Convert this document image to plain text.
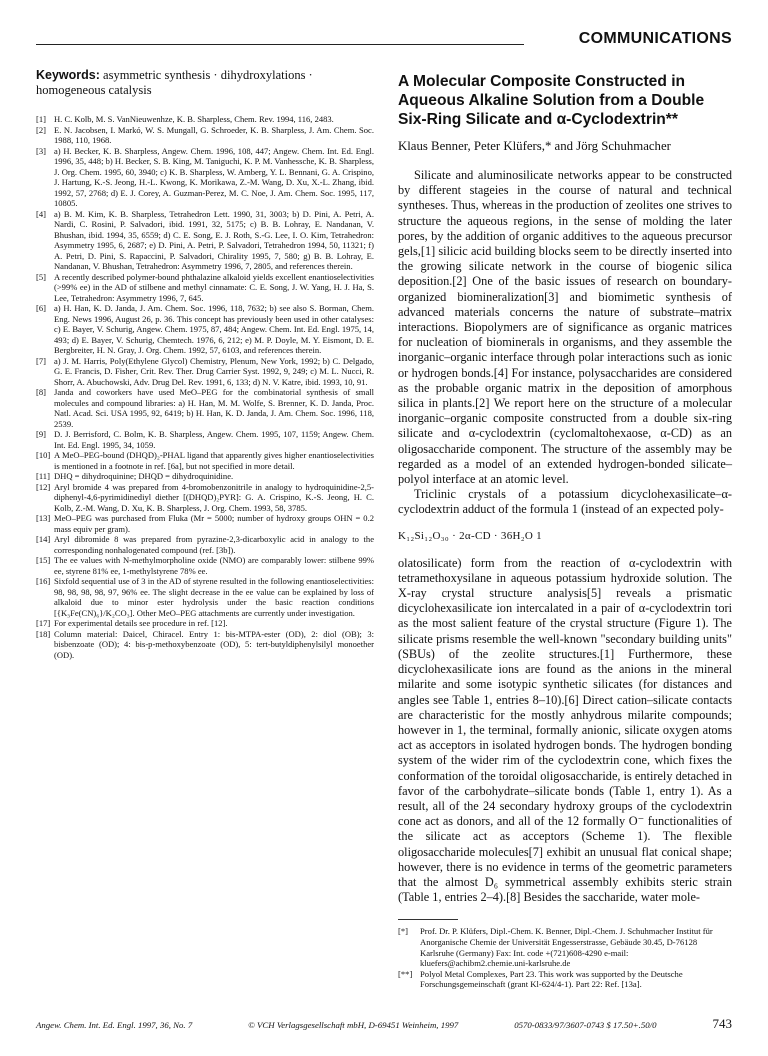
COMMUNICATIONS

Keywords: asymmetric synthesis · dihydroxylations · homogeneous catalysis

[1] H. C. Kolb, M. S. VanNieuwenhze, K. B. Sharpless, Chem. Rev. 1994, 116, 2483.
[2] E. N. Jacobsen, I. Markó, W. S. Mungall, G. Schroeder, K. B. Sharpless, J. Am. Chem. Soc. 1988, 110, 1968.
[3] a) H. Becker, K. B. Sharpless, Angew. Chem. 1996, 108, 447; Angew. Chem. Int. Ed. Engl. 1996, 35, 448; b) H. Becker, S. B. King, M. Taniguchi, K. P. M. Vanhessche, K. B. Sharpless, J. Org. Chem. 1995, 60, 3940; c) K. B. Sharpless, W. Amberg, Y. L. Bennani, G. A. Crispino, J. Hartung, K.-S. Jeong, H.-L. Kwong, K. Morikawa, Z.-M. Wang, D. Xu, X.-L. Zhang, ibid. 1992, 57, 2768; d) E. J. Corey, A. Guzman-Perez, M. C. Noe, J. Am. Chem. Soc. 1995, 117, 10805.
[4] a) B. M. Kim, K. B. Sharpless, Tetrahedron Lett. 1990, 31, 3003; b) D. Pini, A. Petri, A. Nardi, C. Rosini, P. Salvadori, ibid. 1991, 32, 5175; c) B. B. Lohray, E. Nandanan, V. Bhushan, ibid. 1994, 35, 6559; d) C. E. Song, E. J. Roth, S.-G. Lee, I. O. Kim, Tetrahedron: Asymmetry 1995, 6, 2687; e) D. Pini, A. Petri, P. Salvadori, Tetrahedron 1994, 50, 11321; f) A. Petri, D. Pini, S. Rapaccini, P. Salvadori, Chirality 1995, 7, 580; g) B. B. Lohray, E. Nandanan, V. Bhushan, Tetrahedron: Asymmetry 1996, 7, 2805, and references therein.
[5] A recently described polymer-bound phthalazine alkaloid yields excellent enantioselectivities (>99% ee) in the AD of stilbene and methyl cinnamate: C. E. Song, J. W. Yang, H. J. Ha, S. Lee, Tetrahedron: Asymmetry 1996, 7, 645.
[6] a) H. Han, K. D. Janda, J. Am. Chem. Soc. 1996, 118, 7632; b) see also S. Borman, Chem. Eng. News 1996, August 26, p. 36. This concept has previously been used in other catalyses: c) E. Bayer, V. Schurig, Angew. Chem. 1975, 87, 484; Angew. Chem. Int. Ed. Engl. 1975, 14, 493; d) E. Bayer, V. Schurig, Chemtech. 1976, 6, 212; e) M. P. Doyle, M. Y. Eismont, D. E. Bergbreiter, H. N. Gray, J. Org. Chem. 1992, 57, 6103, and references therein.
[7] a) J. M. Harris, Poly(Ethylene Glycol) Chemistry, Plenum, New York, 1992; b) C. Delgado, G. E. Francis, D. Fisher, Crit. Rev. Ther. Drug Carrier Syst. 1992, 9, 249; c) M. L. Nucci, R. Shorr, A. Abuchowski, Adv. Drug Del. Rev. 1991, 6, 133; d) N. V. Katre, ibid. 1993, 10, 91.
[8] Janda and coworkers have used MeO–PEG for the combinatorial synthesis of small molecules and compound libraries: a) H. Han, M. M. Wolfe, S. Brenner, K. D. Janda, Proc. Natl. Acad. Sci. USA 1995, 92, 6419; b) H. Han, K. D. Janda, J. Am. Chem. Soc. 1996, 118, 2539.
[9] D. J. Berrisford, C. Bolm, K. B. Sharpless, Angew. Chem. 1995, 107, 1159; Angew. Chem. Int. Ed. Engl. 1995, 34, 1059.
[10] A MeO–PEG-bound (DHQD)₂-PHAL ligand that apparently gives higher enantioselectivities is mentioned in a footnote in ref. [6a], but not specified in more detail.
[11] DHQ = dihydroquinine; DHQD = dihydroquinidine.
[12] Aryl bromide 4 was prepared from 4-bromobenzonitrile in analogy to hydroquinidine-2,5-diphenyl-4,6-pyrimidinediyl diether [(DHQD)₂PYR]: G. A. Crispino, K.-S. Jeong, H. C. Kolb, Z.-M. Wang, D. Xu, K. B. Sharpless, J. Org. Chem. 1993, 58, 3785.
[13] MeO–PEG was purchased from Fluka (Mr = 5000; number of hydroxy groups OHN = 0.2 mass equiv per gram).
[14] Aryl dibromide 8 was prepared from pyrazine-2,3-dicarboxylic acid in analogy to the corresponding nonhalogenated compound (ref. [3b]).
[15] The ee values with N-methylmorpholine oxide (NMO) are comparably lower: stilbene 99% ee, styrene 81% ee, 1-methylstyrene 78% ee.
[16] Sixfold sequential use of 3 in the AD of styrene resulted in the following enantioselectivities: 98, 98, 98, 98, 97, 96% ee. The slight decrease in the ee value can be explained by loss of alkaloid due to minor ester hydrolysis under the basic reaction conditions [{K₃Fe(CN)₆}/K₂CO₃]. Other MeO–PEG attachments are currently under investigation.
[17] For experimental details see procedure in ref. [12].
[18] Column material: Daicel, Chiracel. Entry 1: bis-MTPA-ester (OD), 2: diol (OB); 3: bisbenzoate (OD); 4: bis-p-methoxybenzoate (OD), 5: tert-butyldiphenylsilyl monoether (OD).
A Molecular Composite Constructed in Aqueous Alkaline Solution from a Double Six-Ring Silicate and α-Cyclodextrin**
Klaus Benner, Peter Klüfers,* and Jörg Schuhmacher

Silicate and aluminosilicate networks appear to be constructed by different stageies in the course of natural and technical syntheses. Thus, whereas in the production of zeolites one strives to structure the aqueous regions, in the sense of molding the later pores, by the addition of organic additives to the aqueous precursor gels,[1] silicic acid building blocks seem to be directly inserted into the growing silicate network in the course of biogenic silica deposition.[2] One of the basic issues of research on boundary-organized biomineralization[3] and biomimetic synthesis of advanced materials concerns the nature of substrate–matrix interactions. Biopolymers are of significance as organic matrices for nucleation of biominerals in organisms, and they assemble the inorganic–organic interface through polar interactions such as ionic or hydrogen bonds.[4] For instance, polysaccharides are considered as the probable organic matrix in the deposition of amorphous silica in plants.[2] We report here on the structure of a molecular inorganic–organic composite constructed from a double six-ring silicate and α-cyclodextrin (cyclomaltohexaose, α-CD) as an oligosaccharide component. The structure of the assembly may be regarded as a model of an extended hydrogen-bonded silicate–polyol interface at an atomic level.

Triclinic crystals of a potassium dicyclohexasilicate–α-cyclodextrin adduct of the formula 1 (instead of an expected poly-

K₁₂Si₁₂O₃₀ · 2α-CD · 36H₂O 1

olatosilicate) form from the reaction of α-cyclodextrin with tetramethoxysilane in aqueous potassium hydroxide solution. The X-ray crystal structure analysis[5] reveals a prismatic dicyclohexasilicate ion intercalated in a pair of α-cyclodextrin tori as the most salient feature of the crystal structure (Figure 1). The silicate prisms resemble the well-known "secondary building units" (SBUs) of the zeolite structures.[1] Furthermore, these dicyclohexasilicate ions are found as the anions in the mineral milarite and some isotypic synthetic silicates (for distances and angles see Table 1, entries 8–10).[6] Direct cation–silicate contacts are characteristic for the mostly anhydrous milarite compounds; however in 1, the terminal, formally anionic, silicate oxygen atoms act as acceptors in isolated hydrogen bonds. The hydrogen bonding system of the wider rim of the cyclodextrin cone, which fixes the conformation of the toroidal oligosaccharide, is entirely detached in favor of the carbohydrate–silicate bonds (Table 1, entry 1). As a result, all of the 24 secondary hydroxy groups of the cyclodextrin cone act as donors, and all of the 12 formally O⁻ functionalities of the silicate act as acceptors (Scheme 1). The flexible oligosaccharide molecules[7] exhibit an unusual flat conical shape; however, there is no evidence in terms of the geometric parameters that the almost D₆ symmetrical assembly exhibits steric strain (Table 1, entries 2–4).[8] Besides the saccharide, water mole-

[*]	Prof. Dr. P. Klüfers, Dipl.-Chem. K. Benner, Dipl.-Chem. J. Schuhmacher Institut für Anorganische Chemie der Universität Engesserstrasse, Gebäude 30.45, D-76128 Karlsruhe (Germany) Fax: Int. code +(721)608-4290 e-mail: kluefers@achibm2.chemie.uni-karlsruhe.de
[**] Polyol Metal Complexes, Part 23. This work was supported by the Deutsche Forschungsgemeinschaft (grant Kl-624/4-1). Part 22: Ref. [13a].
Angew. Chem. Int. Ed. Engl. 1997, 36, No. 7	© VCH Verlagsgesellschaft mbH, D-69451 Weinheim, 1997	0570-0833/97/3607-0743 $ 17.50+.50/0	743
